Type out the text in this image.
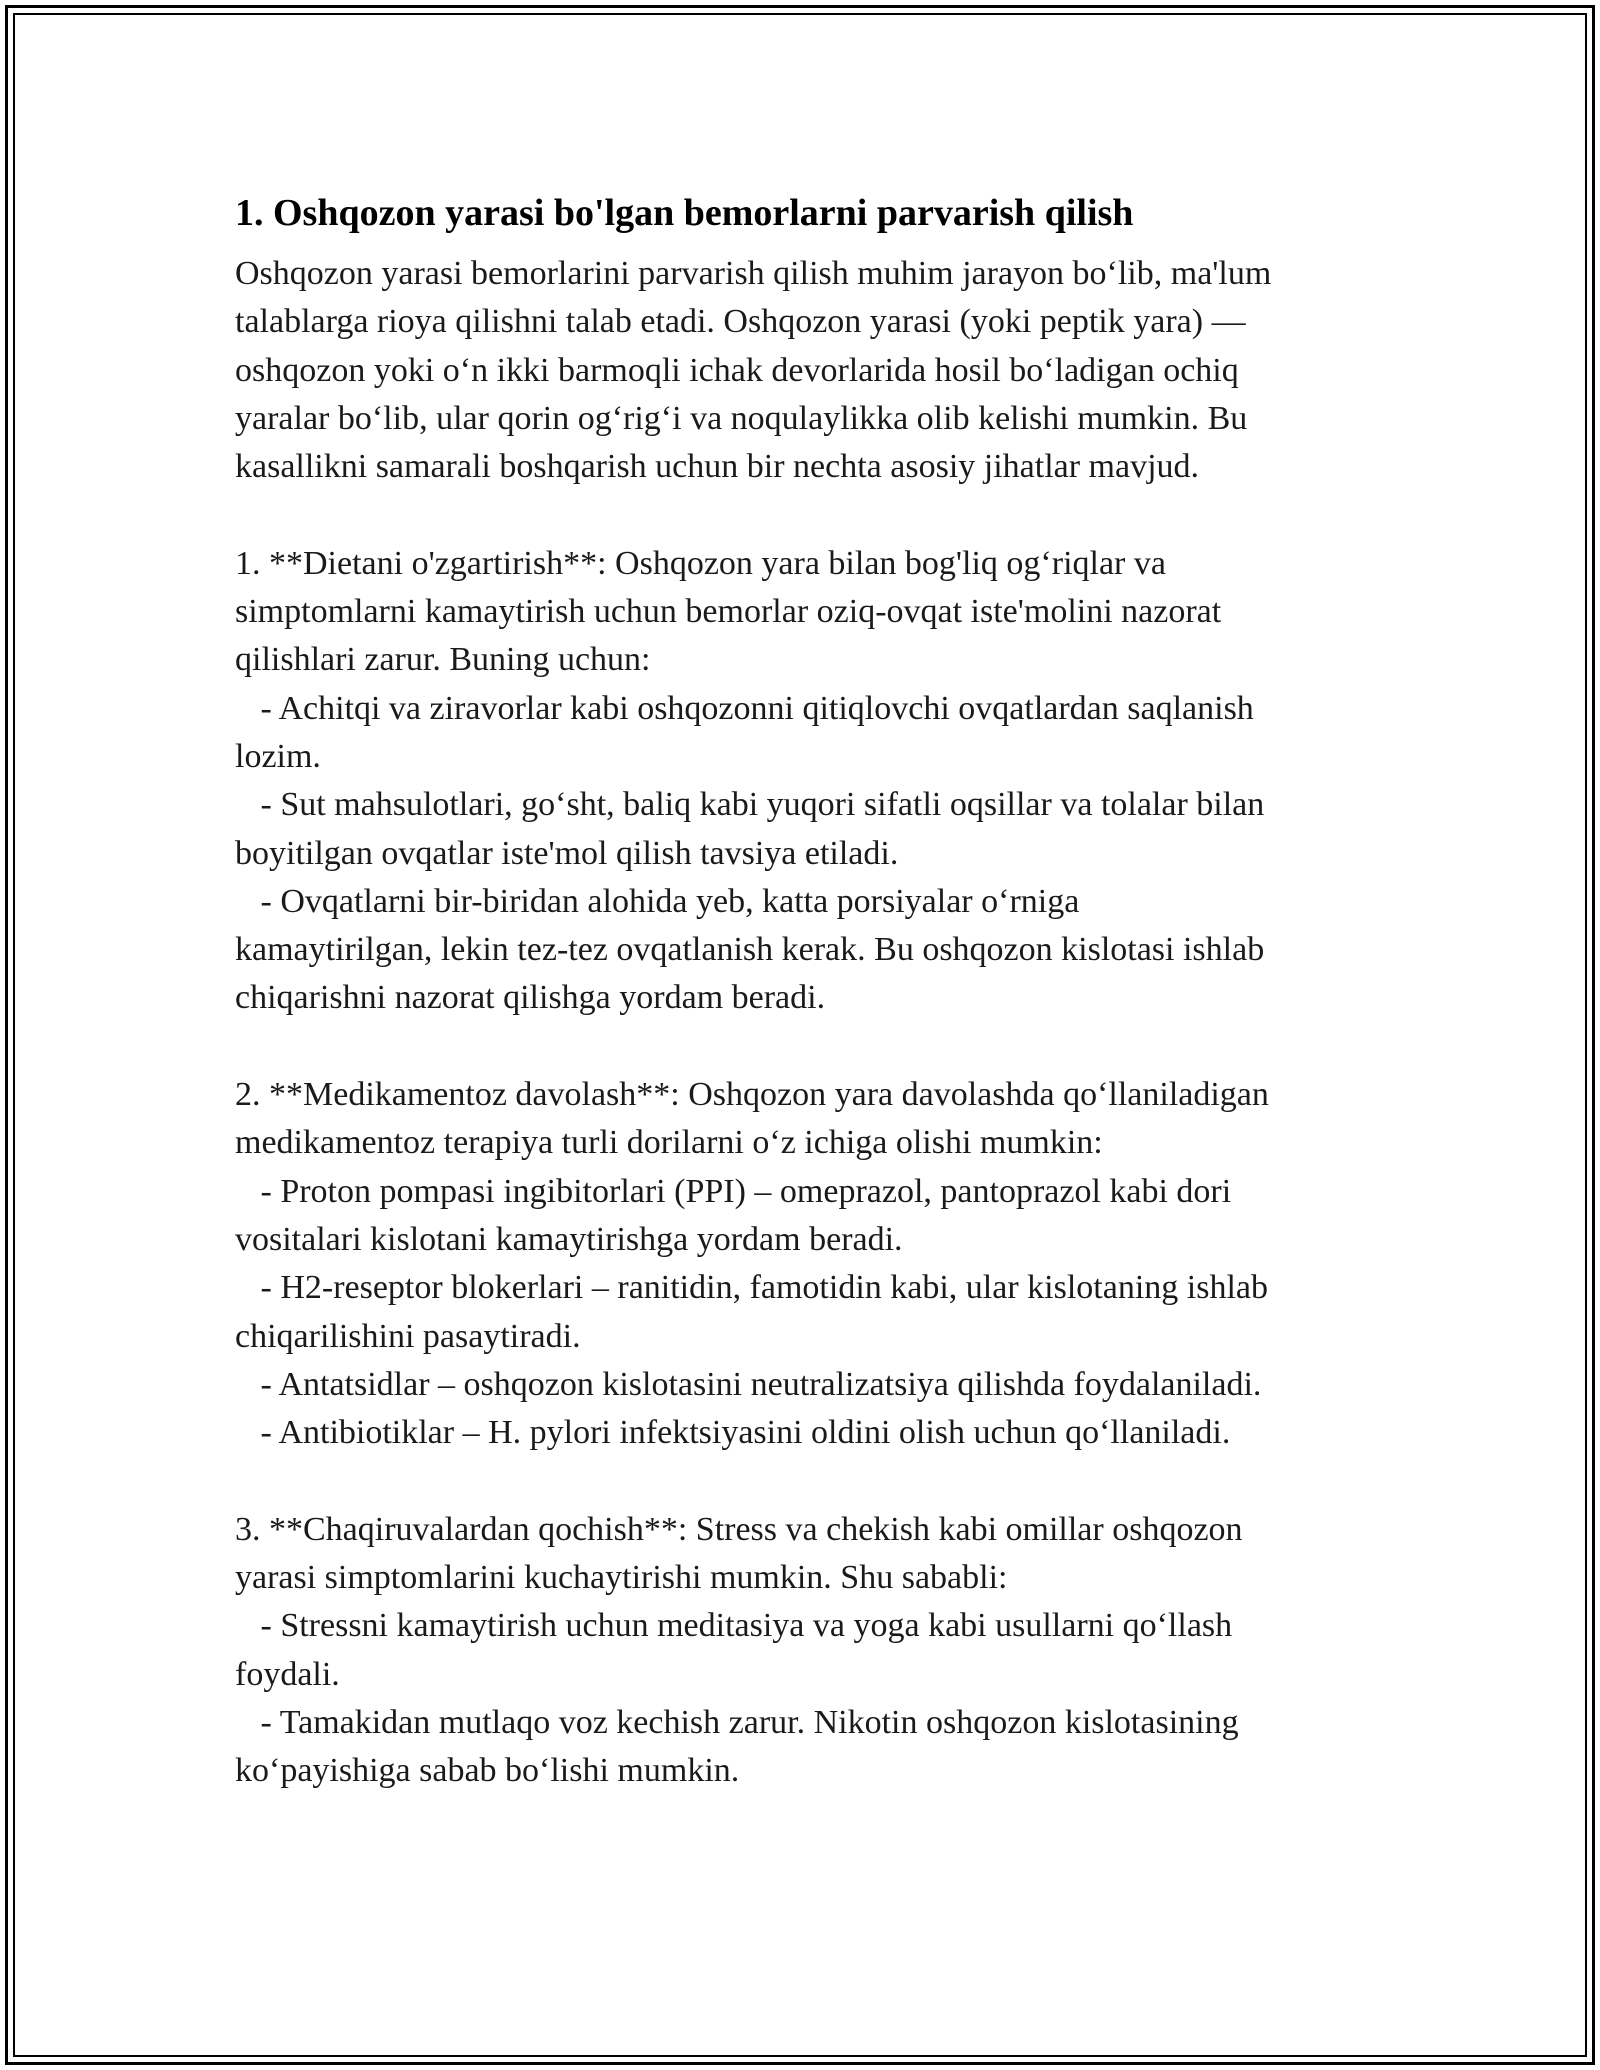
1. Oshqozon yarasi bo'lgan bemorlarni parvarish qilish
Oshqozon yarasi bemorlarini parvarish qilish muhim jarayon bo‘lib, ma'lum
talablarga rioya qilishni talab etadi. Oshqozon yarasi (yoki peptik yara) —
oshqozon yoki o‘n ikki barmoqli ichak devorlarida hosil bo‘ladigan ochiq
yaralar bo‘lib, ular qorin og‘rig‘i va noqulaylikka olib kelishi mumkin. Bu
kasallikni samarali boshqarish uchun bir nechta asosiy jihatlar mavjud.
1. **Dietani o'zgartirish**: Oshqozon yara bilan bog'liq og‘riqlar va
simptomlarni kamaytirish uchun bemorlar oziq-ovqat iste'molini nazorat
qilishlari zarur. Buning uchun:
- Achitqi va ziravorlar kabi oshqozonni qitiqlovchi ovqatlardan saqlanish
lozim.
- Sut mahsulotlari, go‘sht, baliq kabi yuqori sifatli oqsillar va tolalar bilan
boyitilgan ovqatlar iste'mol qilish tavsiya etiladi.
- Ovqatlarni bir-biridan alohida yeb, katta porsiyalar o‘rniga
kamaytirilgan, lekin tez-tez ovqatlanish kerak. Bu oshqozon kislotasi ishlab
chiqarishni nazorat qilishga yordam beradi.
2. **Medikamentoz davolash**: Oshqozon yara davolashda qo‘llaniladigan
medikamentoz terapiya turli dorilarni o‘z ichiga olishi mumkin:
- Proton pompasi ingibitorlari (PPI) – omeprazol, pantoprazol kabi dori
vositalari kislotani kamaytirishga yordam beradi.
- H2-reseptor blokerlari – ranitidin, famotidin kabi, ular kislotaning ishlab
chiqarilishini pasaytiradi.
- Antatsidlar – oshqozon kislotasini neutralizatsiya qilishda foydalaniladi.
- Antibiotiklar – H. pylori infektsiyasini oldini olish uchun qo‘llaniladi.
3. **Chaqiruvalardan qochish**: Stress va chekish kabi omillar oshqozon
yarasi simptomlarini kuchaytirishi mumkin. Shu sababli:
- Stressni kamaytirish uchun meditasiya va yoga kabi usullarni qo‘llash
foydali.
- Tamakidan mutlaqo voz kechish zarur. Nikotin oshqozon kislotasining
ko‘payishiga sabab bo‘lishi mumkin.
